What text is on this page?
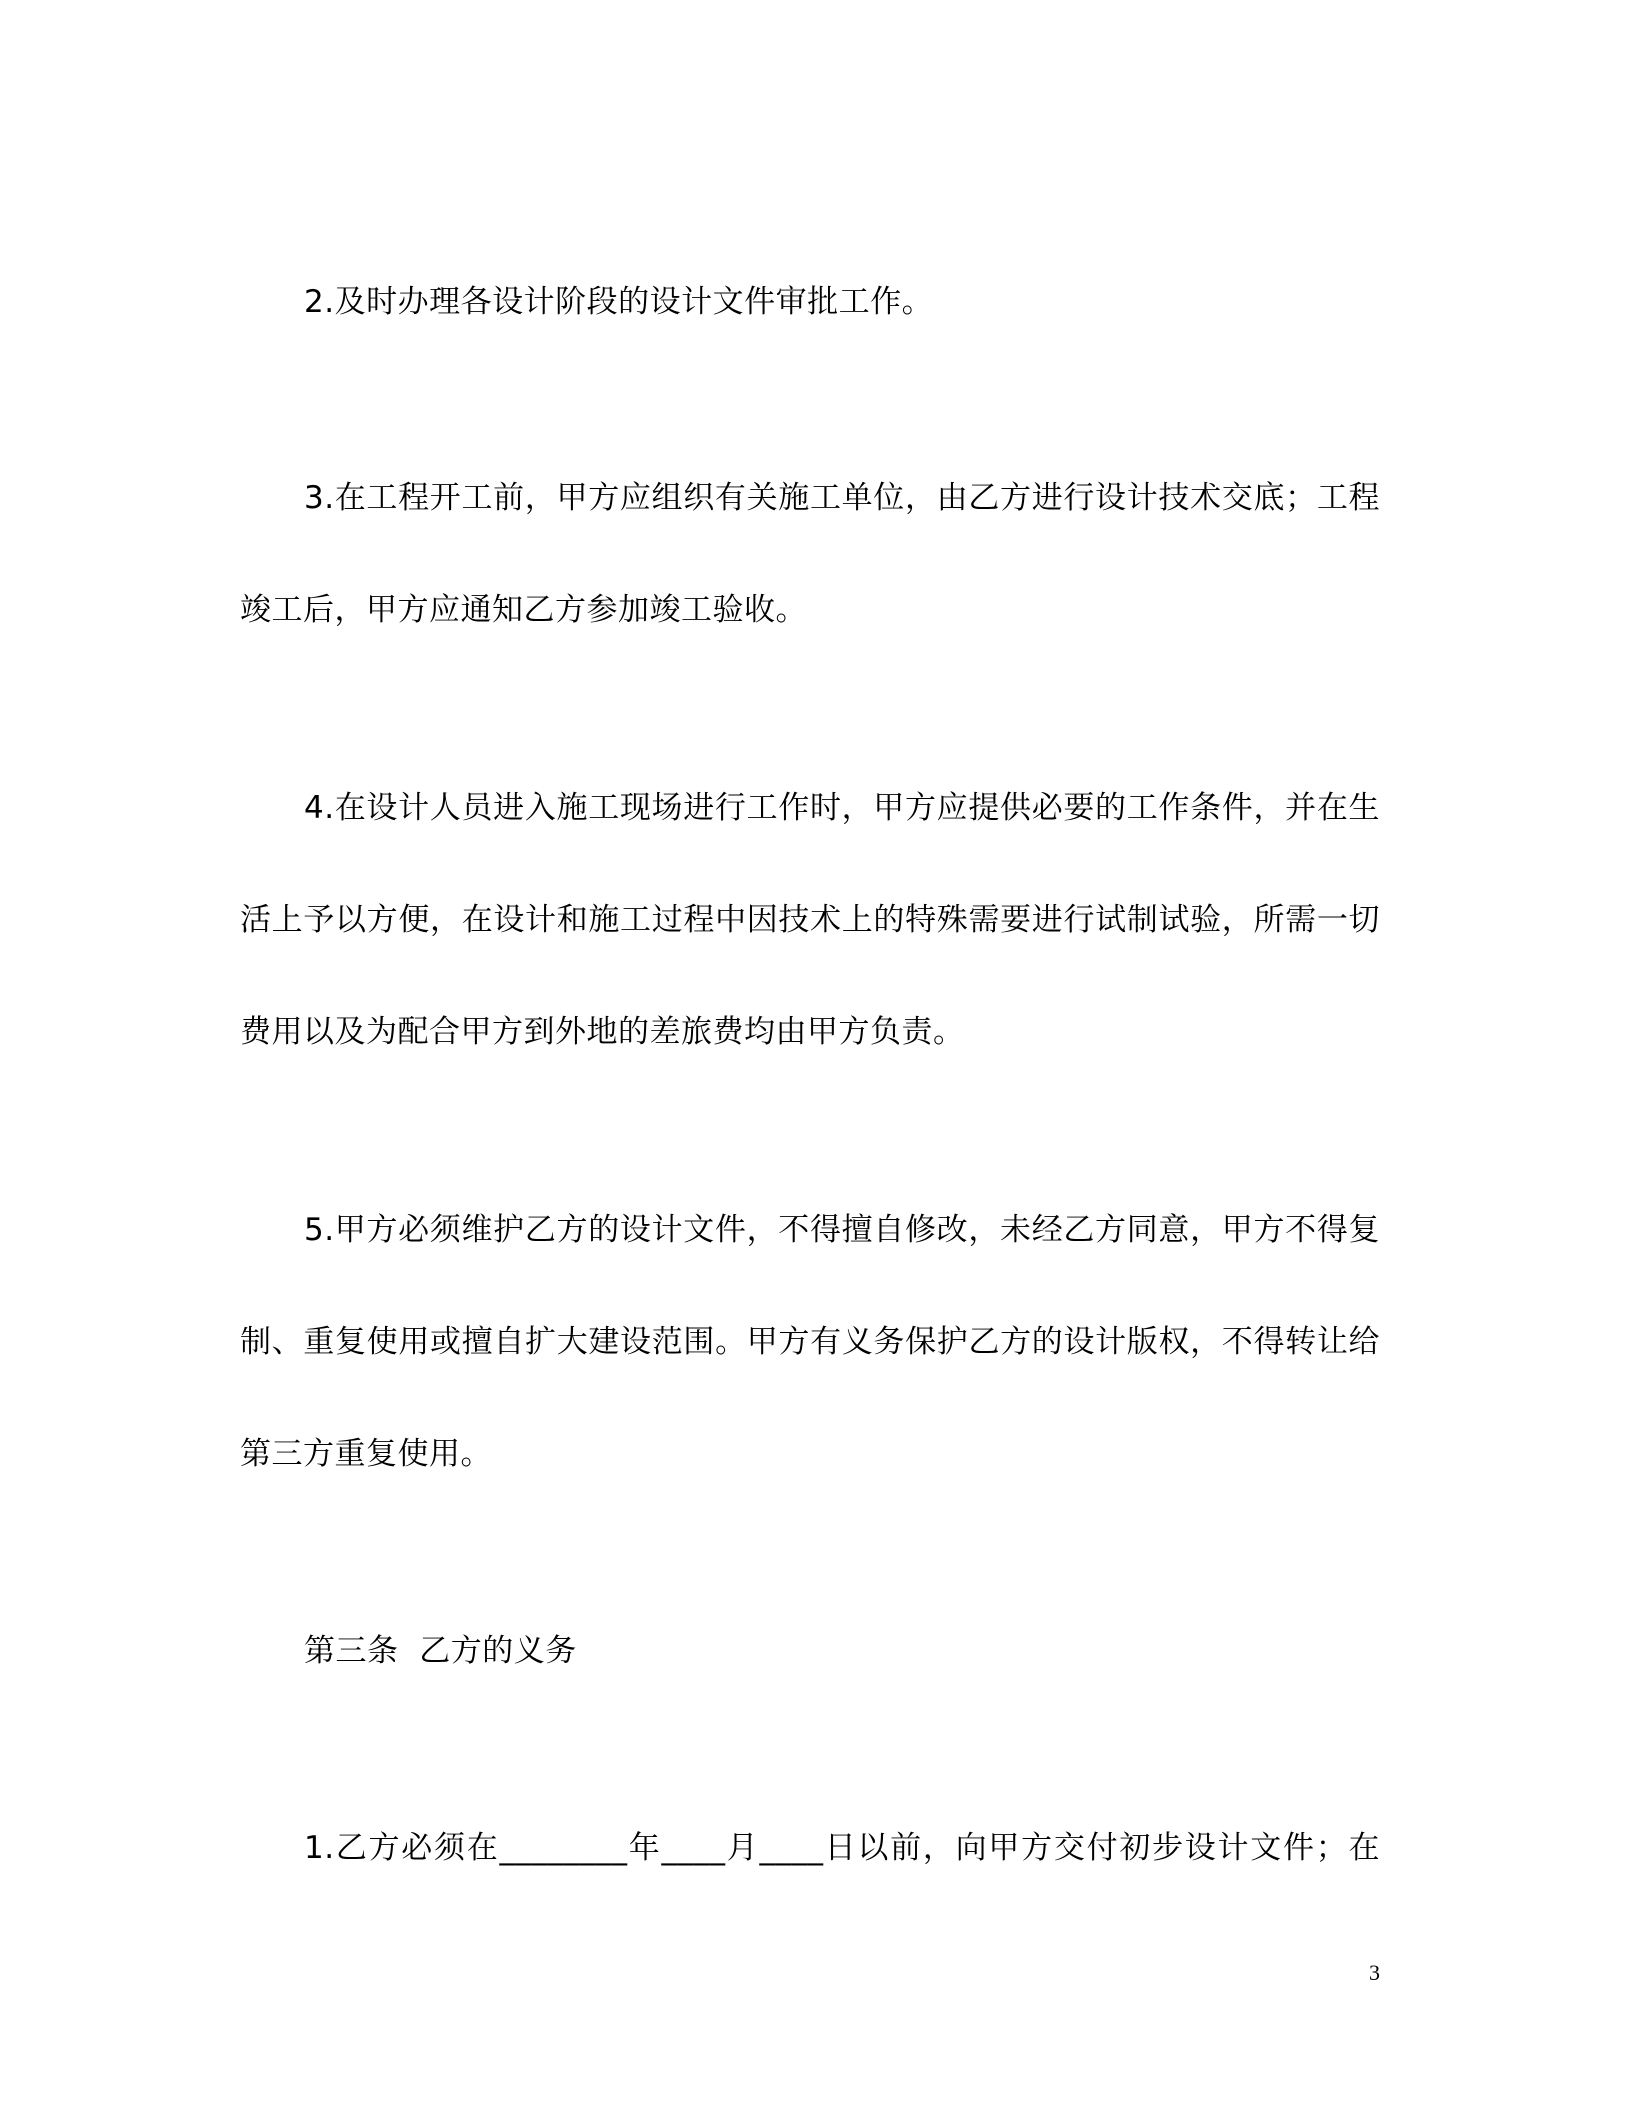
2.及时办理各设计阶段的设计文件审批工作。
3.在工程开工前，甲方应组织有关施工单位，由乙方进行设计技术交底；工程
竣工后，甲方应通知乙方参加竣工验收。
4.在设计人员进入施工现场进行工作时，甲方应提供必要的工作条件，并在生
活上予以方便，在设计和施工过程中因技术上的特殊需要进行试制试验，所需一切
费用以及为配合甲方到外地的差旅费均由甲方负责。
5.甲方必须维护乙方的设计文件，不得擅自修改，未经乙方同意，甲方不得复
制、重复使用或擅自扩大建设范围。甲方有义务保护乙方的设计版权，不得转让给
第三方重复使用。
第三条  乙方的义务
1.乙方必须在________年____月____日以前，向甲方交付初步设计文件；在
3
